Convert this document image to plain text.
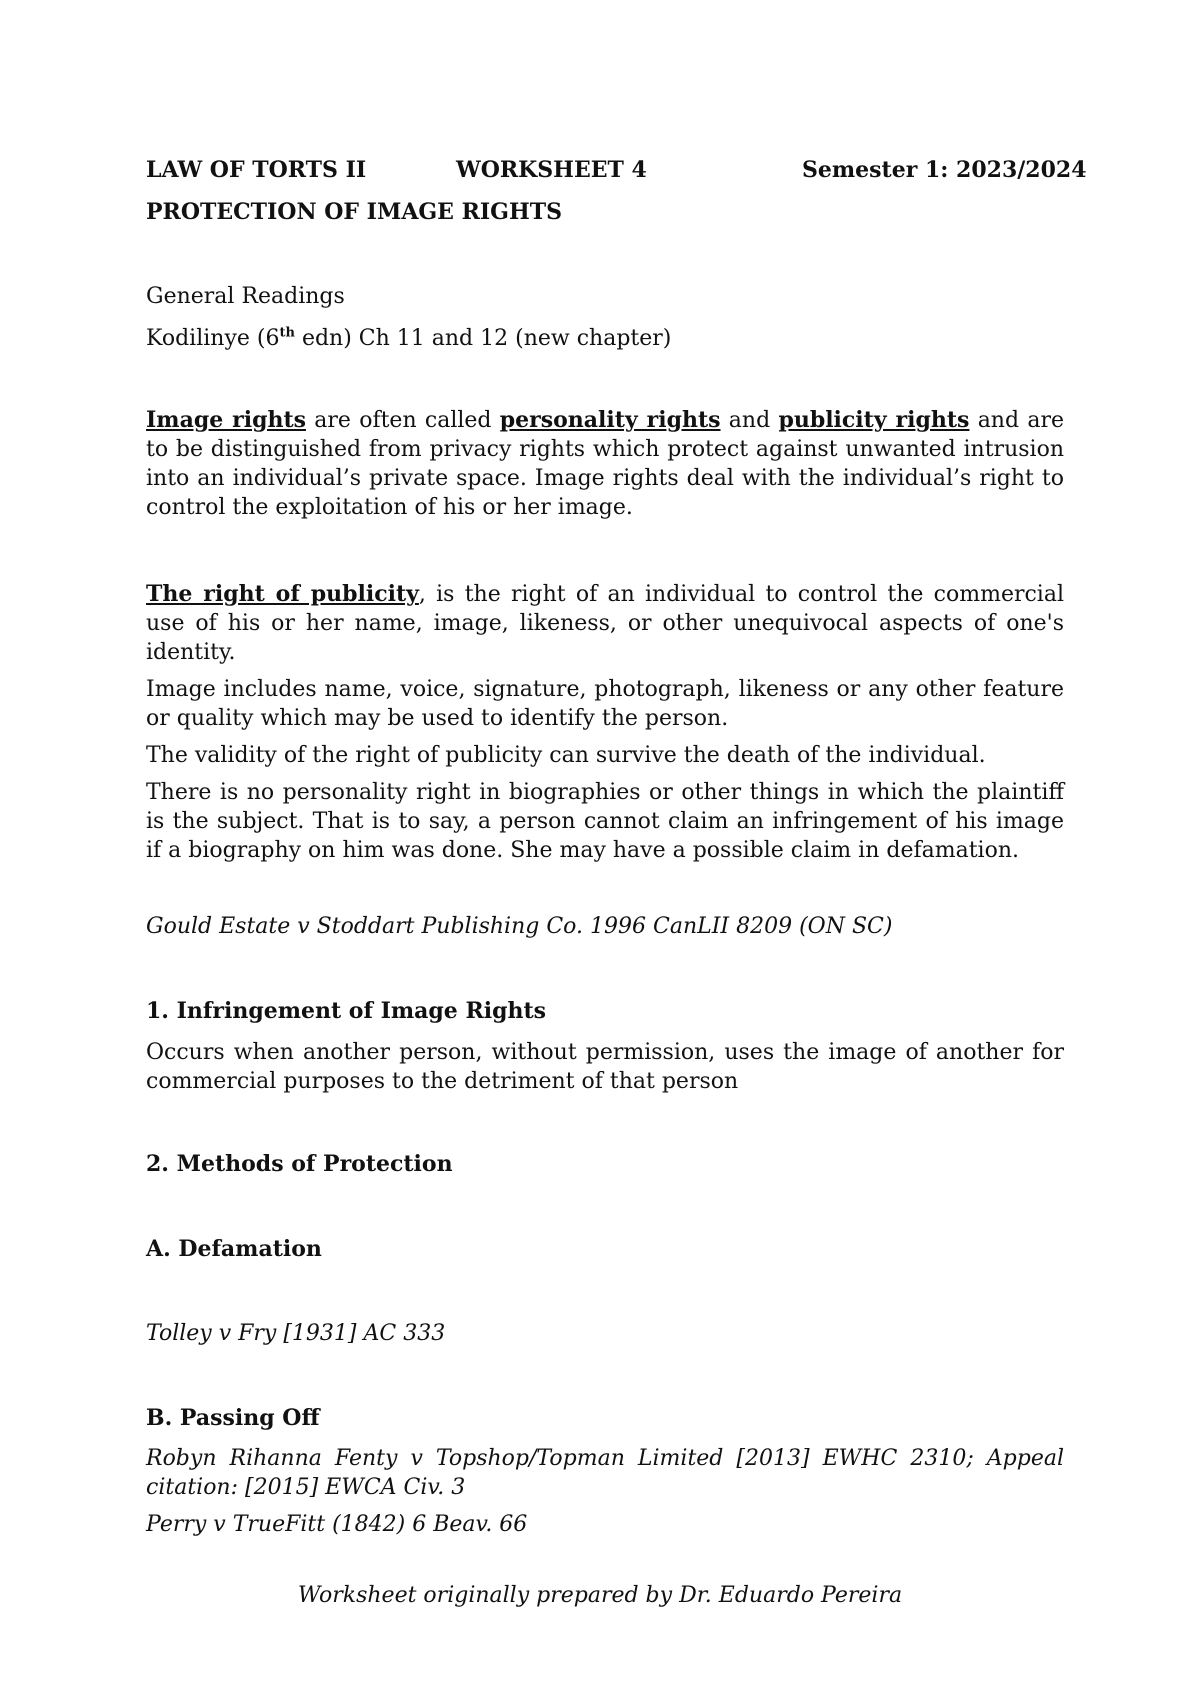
LAW OF TORTS II	WORKSHEET 4	Semester 1: 2023/2024
PROTECTION OF IMAGE RIGHTS
General Readings
Kodilinye (6th edn) Ch 11 and 12 (new chapter)

Image rights are often called personality rights and publicity rights and are to be distinguished from privacy rights which protect against unwanted intrusion into an individual’s private space. Image rights deal with the individual’s right to control the exploitation of his or her image.

The right of publicity, is the right of an individual to control the commercial use of his or her name, image, likeness, or other unequivocal aspects of one's identity.

Image includes name, voice, signature, photograph, likeness or any other feature or quality which may be used to identify the person.

The validity of the right of publicity can survive the death of the individual.

There is no personality right in biographies or other things in which the plaintiff is the subject. That is to say, a person cannot claim an infringement of his image if a biography on him was done. She may have a possible claim in defamation.

Gould Estate v Stoddart Publishing Co. 1996 CanLII 8209 (ON SC)
1. Infringement of Image Rights

Occurs when another person, without permission, uses the image of another for commercial purposes to the detriment of that person

2. Methods of Protection
A. Defamation
Tolley v Fry [1931] AC 333
B. Passing Off

Robyn Rihanna Fenty v Topshop/Topman Limited [2013] EWHC 2310; Appeal citation: [2015] EWCA Civ. 3

Perry v TrueFitt (1842) 6 Beav. 66

Worksheet originally prepared by Dr. Eduardo Pereira
